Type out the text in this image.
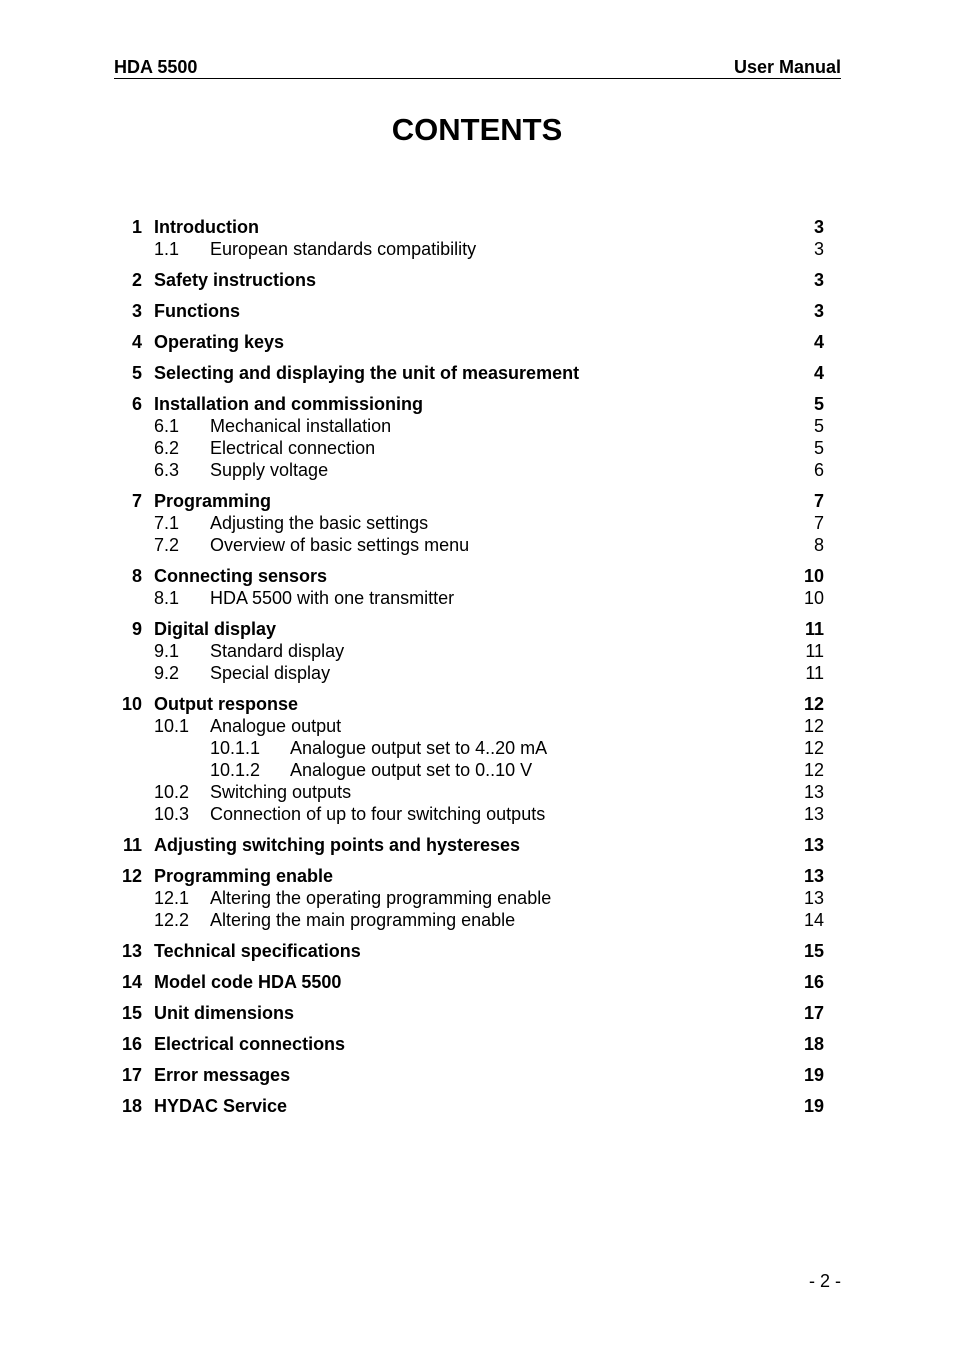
HDA 5500	User Manual
CONTENTS
1 Introduction	3
1.1 European standards compatibility	3
2 Safety instructions	3
3 Functions	3
4 Operating keys	4
5 Selecting and displaying the unit of measurement	4
6 Installation and commissioning	5
6.1 Mechanical installation	5
6.2 Electrical connection	5
6.3 Supply voltage	6
7 Programming	7
7.1 Adjusting the basic settings	7
7.2 Overview of basic settings menu	8
8 Connecting sensors	10
8.1 HDA 5500 with one transmitter	10
9 Digital display	11
9.1 Standard display	11
9.2 Special display	11
10 Output response	12
10.1 Analogue output	12
10.1.1 Analogue output set to 4..20 mA	12
10.1.2 Analogue output set to 0..10 V	12
10.2 Switching outputs	13
10.3 Connection of up to four switching outputs	13
11 Adjusting switching points and hystereses	13
12 Programming enable	13
12.1 Altering the operating programming enable	13
12.2 Altering the main programming enable	14
13 Technical specifications	15
14 Model code HDA 5500	16
15 Unit dimensions	17
16 Electrical connections	18
17 Error messages	19
18 HYDAC Service	19
- 2 -
